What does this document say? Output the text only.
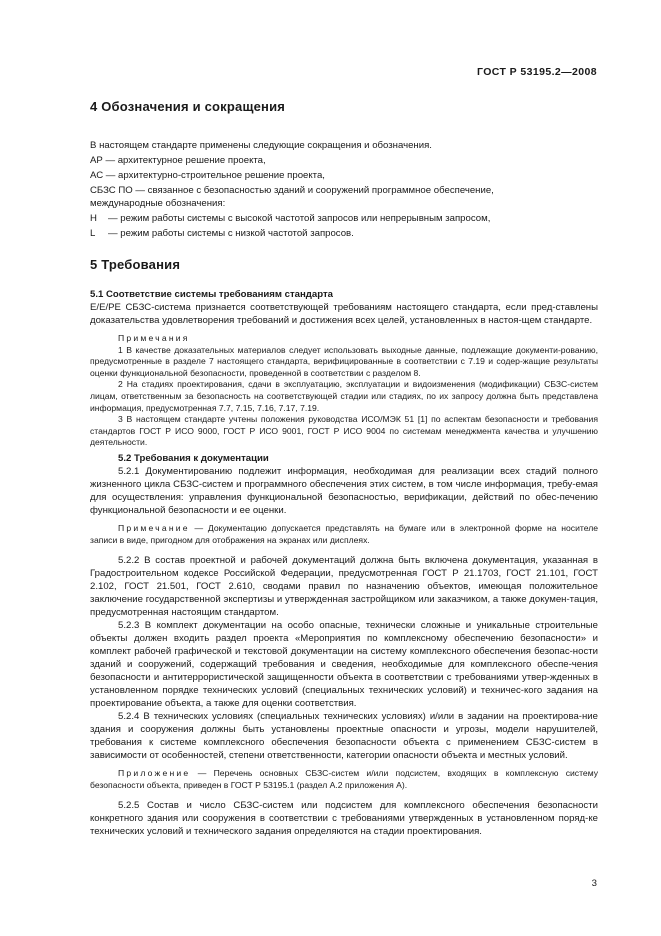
ГОСТ Р 53195.2—2008
4 Обозначения и сокращения

В настоящем стандарте применены следующие сокращения и обозначения.

АР — архитектурное решение проекта,

АС — архитектурно-строительное решение проекта,

СБЗС ПО — связанное с безопасностью зданий и сооружений программное обеспечение,

международные обозначения:

Н	— режим работы системы с высокой частотой запросов или непрерывным запросом,

L	— режим работы системы с низкой частотой запросов.

5 Требования
5.1 Соответствие системы требованиям стандарта

Е/Е/РЕ СБЗС-система признается соответствующей требованиям настоящего стандарта, если пред-ставлены доказательства удовлетворения требований и достижения всех целей, установленных в настоя-щем стандарте.

Примечания

1 В качестве доказательных материалов следует использовать выходные данные, подлежащие документи-рованию, предусмотренные в разделе 7 настоящего стандарта, верифицированные в соответствии с 7.19 и содер-жащие результаты оценки функциональной безопасности, проведенной в соответствии с разделом 8.

2 На стадиях проектирования, сдачи в эксплуатацию, эксплуатации и видоизменения (модификации) СБЗС-систем лицам, ответственным за безопасность на соответствующей стадии или стадиях, по их запросу должна быть представлена информация, предусмотренная 7.7, 7.15, 7.16, 7.17, 7.19.

3 В настоящем стандарте учтены положения руководства ИСО/МЭК 51 [1] по аспектам безопасности и требования стандартов ГОСТ Р ИСО 9000, ГОСТ Р ИСО 9001, ГОСТ Р ИСО 9004 по системам менеджмента качества и улучшению деятельности.

5.2 Требования к документации

5.2.1 Документированию подлежит информация, необходимая для реализации всех стадий полного жизненного цикла СБЗС-систем и программного обеспечения этих систем, в том числе информация, требу-емая для осуществления: управления функциональной безопасностью, верификации, действий по обес-печению функциональной безопасности и ее оценки.

Примечание — Документацию допускается представлять на бумаге или в электронной форме на носителе записи в виде, пригодном для отображения на экранах или дисплеях.

5.2.2 В состав проектной и рабочей документаций должна быть включена документация, указанная в Градостроительном кодексе Российской Федерации, предусмотренная ГОСТ Р 21.1703, ГОСТ 21.101, ГОСТ 2.102, ГОСТ 21.501, ГОСТ 2.610, сводами правил по назначению объектов, имеющая положительное заключение государственной экспертизы и утвержденная застройщиком или заказчиком, а также докумен-тация, предусмотренная настоящим стандартом.

5.2.3 В комплект документации на особо опасные, технически сложные и уникальные строительные объекты должен входить раздел проекта «Мероприятия по комплексному обеспечению безопасности» и комплект рабочей графической и текстовой документации на систему комплексного обеспечения безопас-ности зданий и сооружений, содержащий требования и сведения, необходимые для комплексного обеспе-чения безопасности и антитеррористической защищенности объекта в соответствии с требованиями утвер-жденных в установленном порядке технических условий (специальных технических условий) и техничес-кого задания на проектирование объекта, а также для оценки соответствия.

5.2.4 В технических условиях (специальных технических условиях) и/или в задании на проектирова-ние здания и сооружения должны быть установлены проектные опасности и угрозы, модели нарушителей, требования к системе комплексного обеспечения безопасности объекта с применением СБЗС-систем в зависимости от особенностей, степени ответственности, категории опасности объекта и местных условий.

Приложение — Перечень основных СБЗС-систем и/или подсистем, входящих в комплексную систему безопасности объекта, приведен в ГОСТ Р 53195.1 (раздел А.2 приложения А).

5.2.5 Состав и число СБЗС-систем или подсистем для комплексного обеспечения безопасности конкретного здания или сооружения в соответствии с требованиями утвержденных в установленном поряд-ке технических условий и технического задания определяются на стадии проектирования.

3
